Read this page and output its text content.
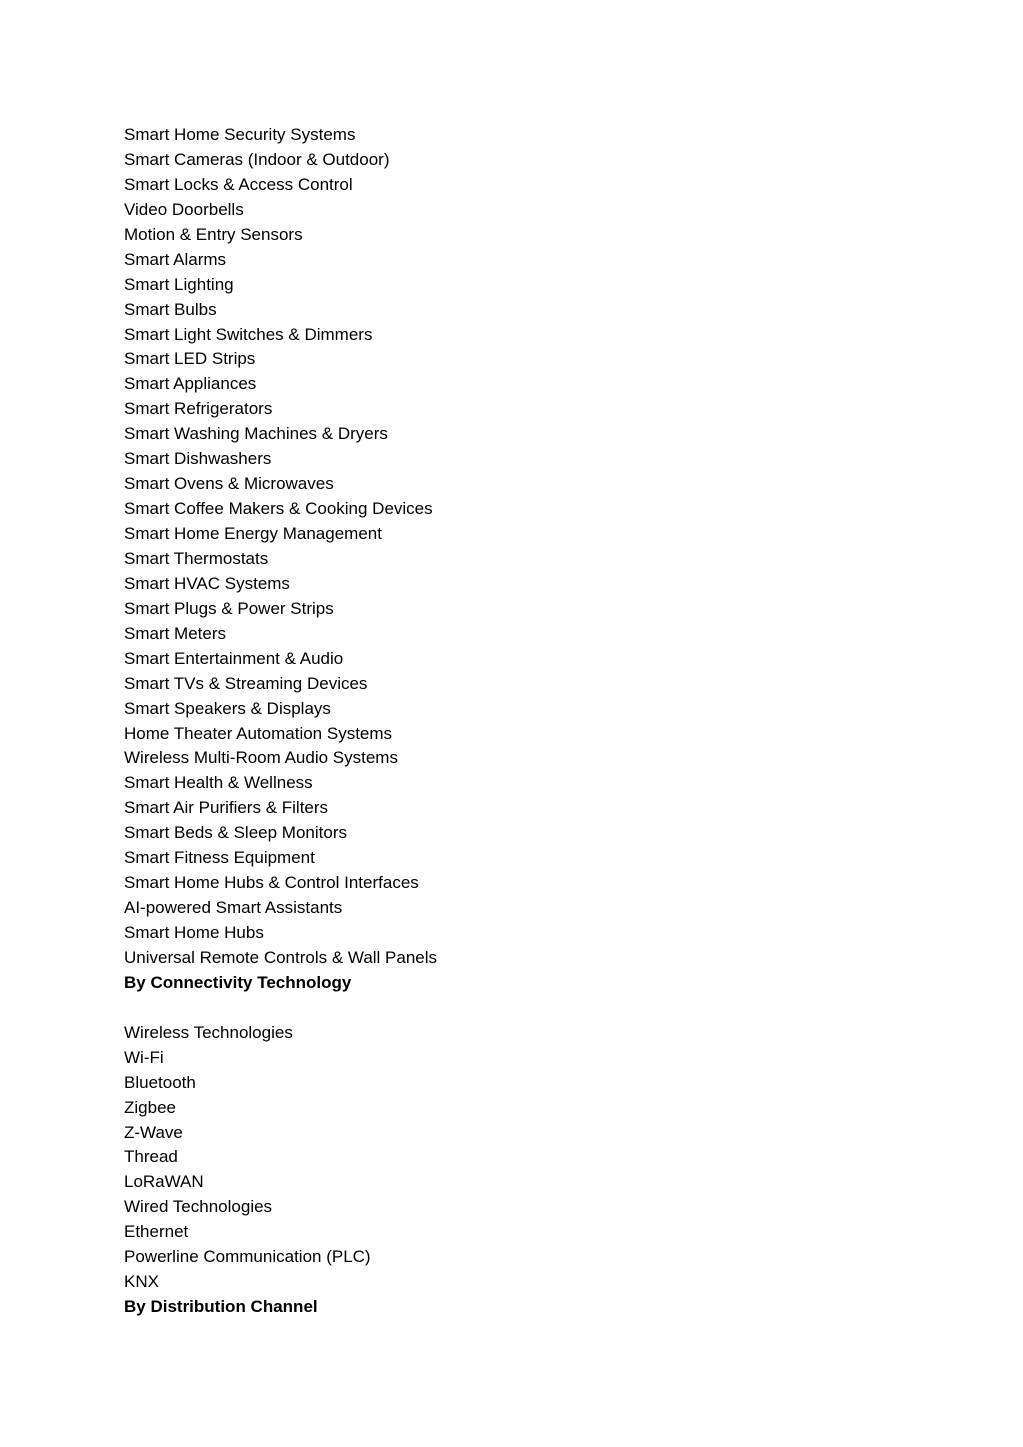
Smart Home Security Systems
Smart Cameras (Indoor & Outdoor)
Smart Locks & Access Control
Video Doorbells
Motion & Entry Sensors
Smart Alarms
Smart Lighting
Smart Bulbs
Smart Light Switches & Dimmers
Smart LED Strips
Smart Appliances
Smart Refrigerators
Smart Washing Machines & Dryers
Smart Dishwashers
Smart Ovens & Microwaves
Smart Coffee Makers & Cooking Devices
Smart Home Energy Management
Smart Thermostats
Smart HVAC Systems
Smart Plugs & Power Strips
Smart Meters
Smart Entertainment & Audio
Smart TVs & Streaming Devices
Smart Speakers & Displays
Home Theater Automation Systems
Wireless Multi-Room Audio Systems
Smart Health & Wellness
Smart Air Purifiers & Filters
Smart Beds & Sleep Monitors
Smart Fitness Equipment
Smart Home Hubs & Control Interfaces
AI-powered Smart Assistants
Smart Home Hubs
Universal Remote Controls & Wall Panels
By Connectivity Technology
Wireless Technologies
Wi-Fi
Bluetooth
Zigbee
Z-Wave
Thread
LoRaWAN
Wired Technologies
Ethernet
Powerline Communication (PLC)
KNX
By Distribution Channel
